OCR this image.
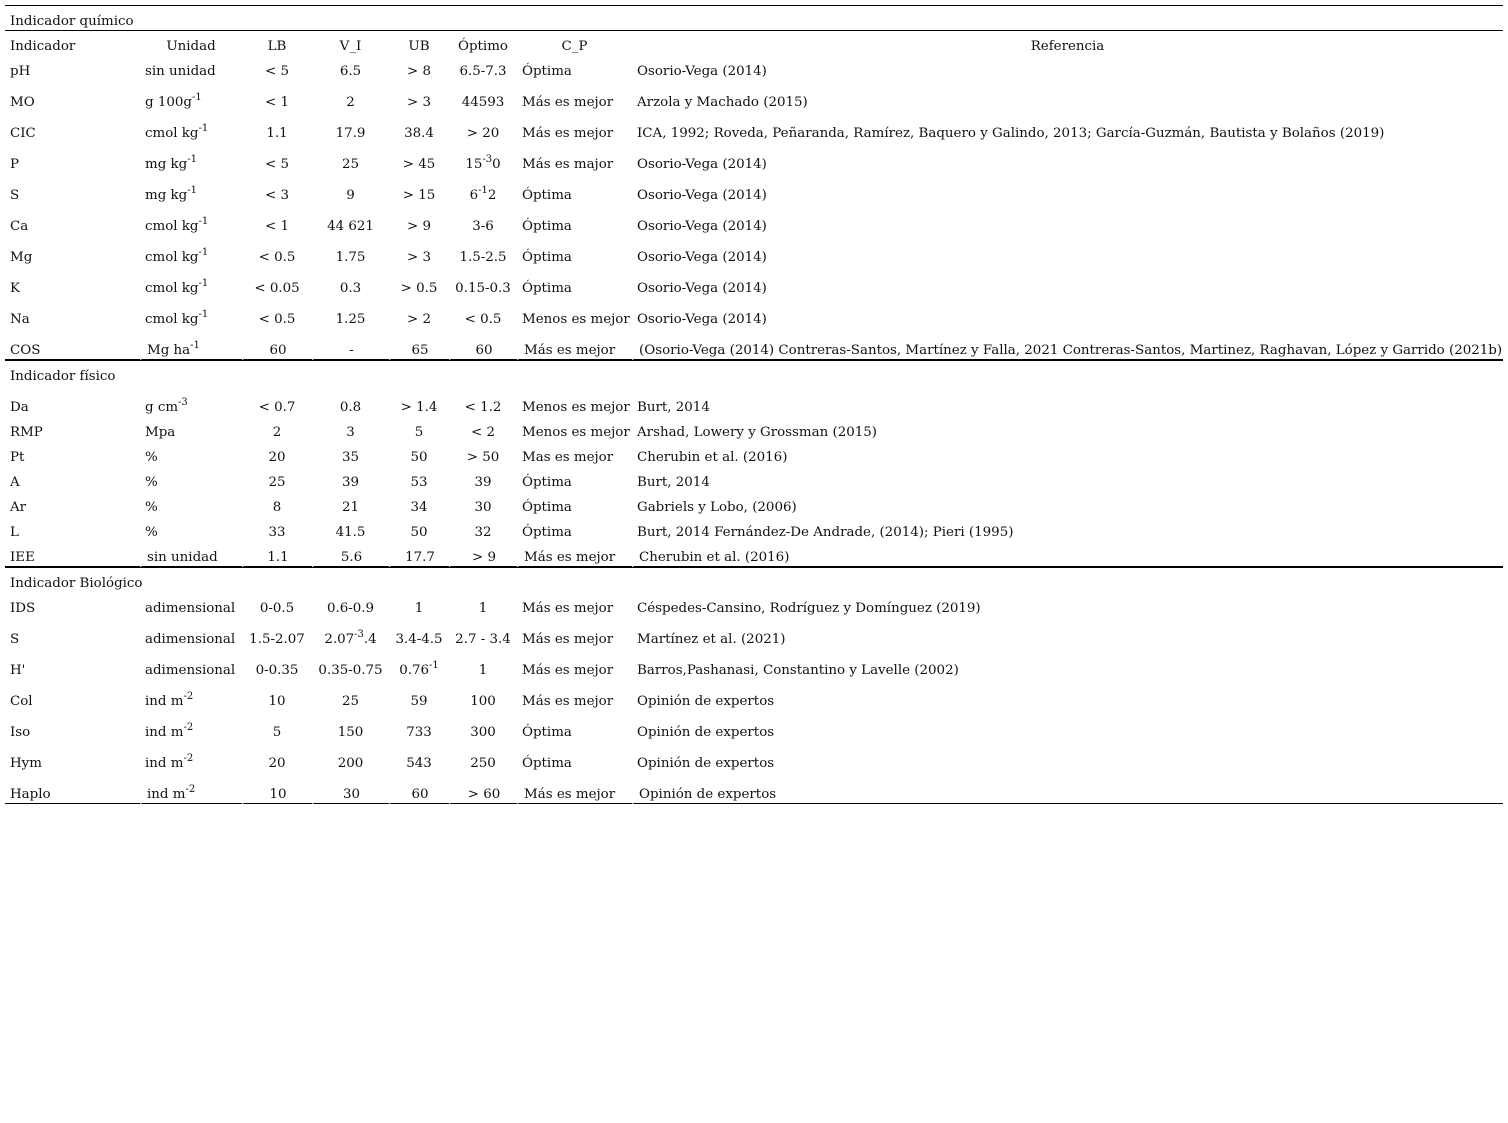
Indicador químico							
Indicador	Unidad	LB	V_I	UB	Óptimo	C_P	Referencia
pH	sin unidad	< 5	6.5	> 8	6.5-7.3	Óptima	Osorio-Vega (2014)
MO	g $100g^{-1}$	< 1	2	> 3	44593	Más es mejor	Arzola y Machado (2015)
CIC	cmol $kg^{-1}$	1.1	17.9	38.4	> 20	Más es mejor	ICA, 1992; Roveda, Peñaranda, Ramírez, Baquero y Galindo, 2013; García-Guzmán, Bautista y Bolaños (2019)
P	mg $kg^{-1}$	< 5	25	> 45	$15^{-3}0$	Más es major	Osorio-Vega (2014)
S	mg $kg^{-1}$	< 3	9	> 15	$6^{-1}2$	Óptima	Osorio-Vega (2014)
Ca	cmol $kg^{-1}$	< 1	44 621	> 9	3-6	Óptima	Osorio-Vega (2014)
Mg	cmol $kg^{-1}$	< 0.5	1.75	> 3	1.5-2.5	Óptima	Osorio-Vega (2014)
K	cmol $kg^{-1}$	< 0.05	0.3	> 0.5	0.15-0.3	Óptima	Osorio-Vega (2014)
Na	cmol $kg^{-1}$	< 0.5	1.25	> 2	< 0.5	Menos es mejor	Osorio-Vega (2014)
COS	Mg $ha^{-1}$	60	-	65	60	Más es mejor	(Osorio-Vega (2014) Contreras-Santos, Martínez y Falla, 2021 Contreras-Santos, Martinez, Raghavan, López y Garrido (2021b)
Indicador físico							
Da	g $cm^{-3}$	< 0.7	0.8	> 1.4	< 1.2	Menos es mejor	Burt, 2014
RMP	Mpa	2	3	5	< 2	Menos es mejor	Arshad, Lowery y Grossman (2015)
Pt	%	20	35	50	> 50	Mas es mejor	Cherubin et al. (2016)
A	%	25	39	53	39	Óptima	Burt, 2014
Ar	%	8	21	34	30	Óptima	Gabriels y Lobo, (2006)
L	%	33	41.5	50	32	Óptima	Burt, 2014 Fernández-De Andrade, (2014); Pieri (1995)
IEE	sin unidad	1.1	5.6	17.7	> 9	Más es mejor	Cherubin et al. (2016)
Indicador Biológico							
IDS	adimensional	0-0.5	0.6-0.9	1	1	Más es mejor	Céspedes-Cansino, Rodríguez y Domínguez (2019)
S	adimensional	1.5-2.07	$2.07^{-3}.4$	3.4-4.5	2.7 - 3.4	Más es mejor	Martínez et al. (2021)
H'	adimensional	0-0.35	0.35-0.75	$0.76^{-1}$	1	Más es mejor	Barros,Pashanasi, Constantino y Lavelle (2002)
Col	ind $m^{-2}$	10	25	59	100	Más es mejor	Opinión de expertos
Iso	ind $m^{-2}$	5	150	733	300	Óptima	Opinión de expertos
Hym	ind $m^{-2}$	20	200	543	250	Óptima	Opinión de expertos
Haplo	ind $m^{-2}$	10	30	60	> 60	Más es mejor	Opinión de expertos
